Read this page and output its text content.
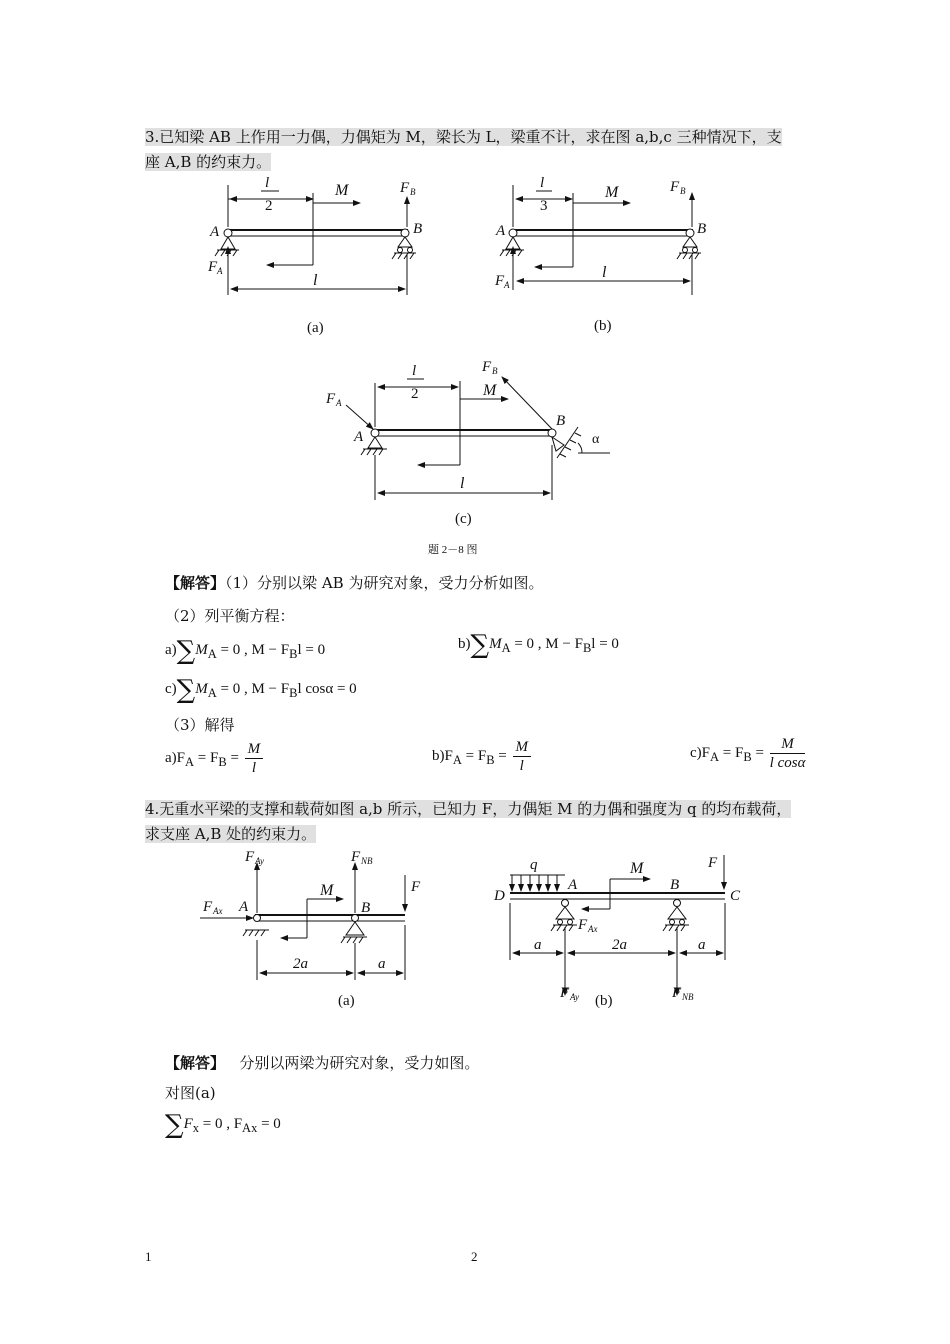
3.已知梁 AB 上作用一力偶，力偶矩为 M，梁长为 L，梁重不计，求在图 a,b,c 三种情况下，支
座 A,B 的约束力。
l
2
M	F B
B
F A
A
l
(a)
l
3
M	F B
B
F A
A
l
(b)
α
B
l
2	M
F B
F A
A
l
(c)
题 2－8 图
【解答】（1）分别以梁 AB 为研究对象，受力分析如图。
（2）列平衡方程：
$a)\sum M_A = 0$ , $M - F_Bl = 0$	$b)\sum M_A = 0$ , $M - F_Bl = 0$
$c)\sum M_A = 0$ , $M - F_Bl$ cosα = 0
（3）解得
$a)F_A = F_B = \frac{M}{l}$	$b)F_A = F_B = \frac{M}{l}$	$c)F_A = F_B = \frac{M}{\text{l cosα}}$
4.无重水平梁的支撑和载荷如图 a,b 所示，已知力 F，力偶矩 M 的力偶和强度为 q 的均布载荷，
求支座 A,B 处的约束力。
F Ay	F NB
F
F Ax A	B
M
2a	a
(a)
q
D
A	B
C
M	F
F Ax
a	2a	a
F Ay	F NB
(b)
【解答】 分别以两梁为研究对象，受力如图。
对图(a)
$\sum F_x = 0$ , $F_{Ax} = 0$
1	2
